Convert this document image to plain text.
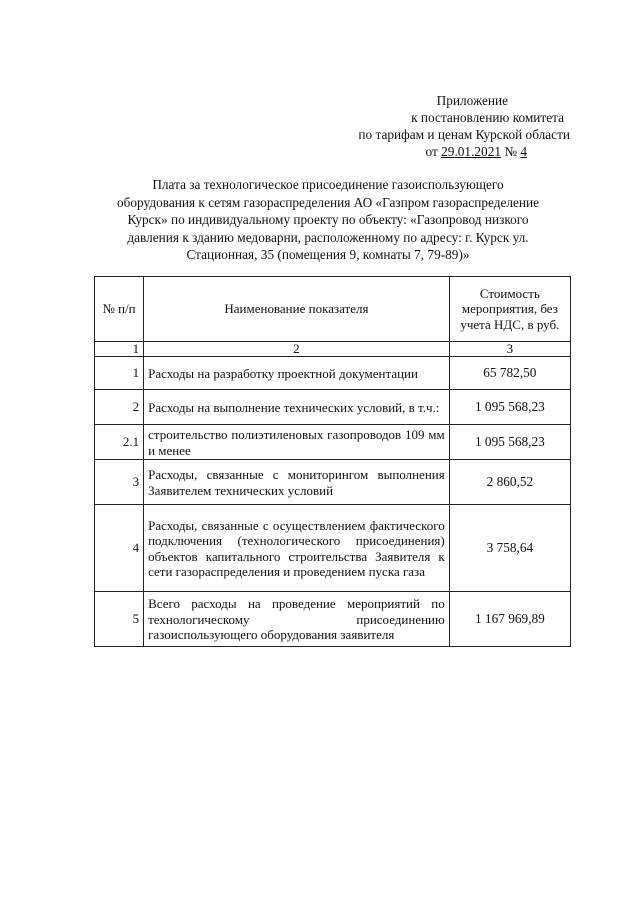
Приложение
к постановлению комитета
по тарифам и ценам Курской области
от 29.01.2021 № 4
Плата за технологическое присоединение газоиспользующего
оборудования к сетям газораспределения АО «Газпром газораспределение
Курск» по индивидуальному проекту по объекту: «Газопровод низкого
давления к зданию медоварни, расположенному по адресу: г. Курск ул.
Стационная, 35 (помещения 9, комнаты 7, 79-89)»
№ п/п	Наименование показателя	Стоимость мероприятия, без учета НДС, в руб.
1	2	3
1	Расходы на разработку проектной документации	65 782,50
2	Расходы на выполнение технических условий, в т.ч.:	1 095 568,23
2.1	строительство полиэтиленовых газопроводов 109 мм и менее	1 095 568,23
3	Расходы, связанные с мониторингом выполнения Заявителем технических условий	2 860,52
4	Расходы, связанные с осуществлением фактического подключения (технологического присоединения) объектов капитального строительства Заявителя к сети газораспределения и проведением пуска газа	3 758,64
5	Всего расходы на проведение мероприятий по технологическому присоединению газоиспользующего оборудования заявителя	1 167 969,89
